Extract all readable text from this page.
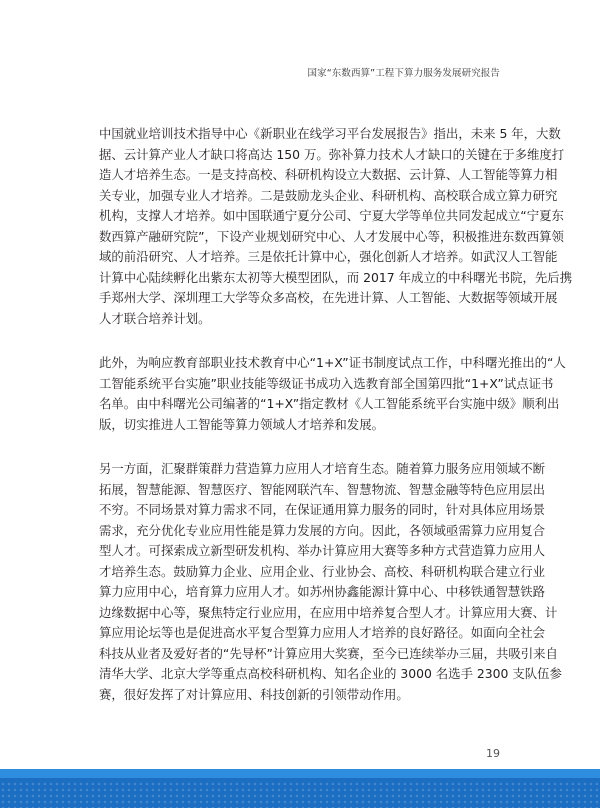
国家“东数西算”工程下算力服务发展研究报告
中国就业培训技术指导中心《新职业在线学习平台发展报告》指出，未来 5 年，大数
据、云计算产业人才缺口将高达 150 万。弥补算力技术人才缺口的关键在于多维度打
造人才培养生态。一是支持高校、科研机构设立大数据、云计算、人工智能等算力相
关专业，加强专业人才培养。二是鼓励龙头企业、科研机构、高校联合成立算力研究
机构，支撑人才培养。如中国联通宁夏分公司、宁夏大学等单位共同发起成立“宁夏东
数西算产融研究院”，下设产业规划研究中心、人才发展中心等，积极推进东数西算领
域的前沿研究、人才培养。三是依托计算中心，强化创新人才培养。如武汉人工智能
计算中心陆续孵化出紫东太初等大模型团队，而 2017 年成立的中科曙光书院，先后携
手郑州大学、深圳理工大学等众多高校，在先进计算、人工智能、大数据等领域开展
人才联合培养计划。
此外，为响应教育部职业技术教育中心“1+X”证书制度试点工作，中科曙光推出的“人
工智能系统平台实施”职业技能等级证书成功入选教育部全国第四批“1+X”试点证书
名单。由中科曙光公司编著的“1+X”指定教材《人工智能系统平台实施中级》顺利出
版，切实推进人工智能等算力领域人才培养和发展。
另一方面，汇聚群策群力营造算力应用人才培育生态。随着算力服务应用领域不断
拓展，智慧能源、智慧医疗、智能网联汽车、智慧物流、智慧金融等特色应用层出
不穷。不同场景对算力需求不同，在保证通用算力服务的同时，针对具体应用场景
需求，充分优化专业应用性能是算力发展的方向。因此，各领域亟需算力应用复合
型人才。可探索成立新型研发机构、举办计算应用大赛等多种方式营造算力应用人
才培养生态。鼓励算力企业、应用企业、行业协会、高校、科研机构联合建立行业
算力应用中心，培育算力应用人才。如苏州协鑫能源计算中心、中移铁通智慧铁路
边缘数据中心等，聚焦特定行业应用，在应用中培养复合型人才。计算应用大赛、计
算应用论坛等也是促进高水平复合型算力应用人才培养的良好路径。如面向全社会
科技从业者及爱好者的“先导杯”计算应用大奖赛，至今已连续举办三届，共吸引来自
清华大学、北京大学等重点高校科研机构、知名企业的 3000 名选手 2300 支队伍参
赛，很好发挥了对计算应用、科技创新的引领带动作用。
19
